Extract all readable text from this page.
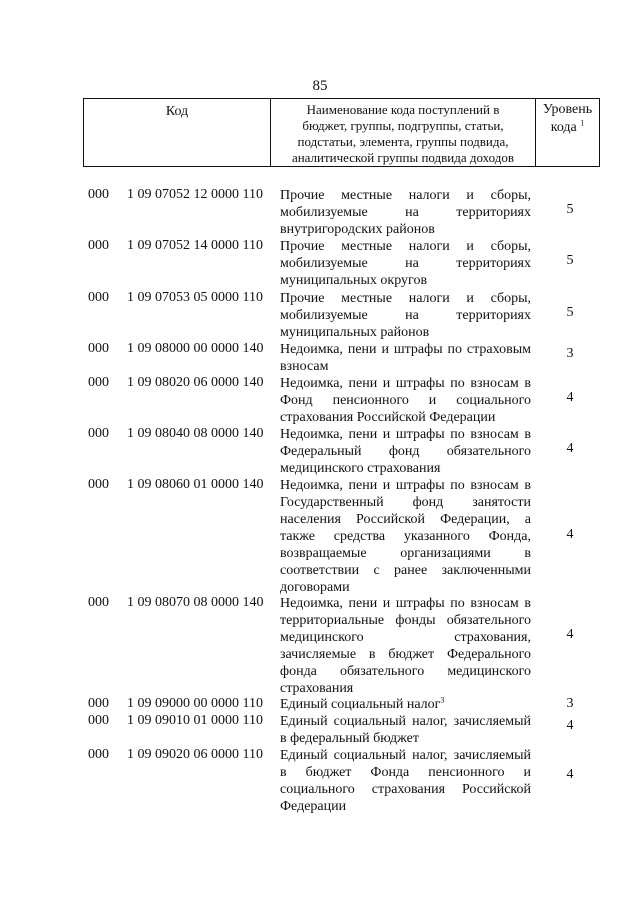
85
Код	Наименование кода поступлений в
бюджет, группы, подгруппы, статьи,
подстатьи, элемента, группы подвида,
аналитической группы подвида доходов
Уровень
кода $^1$
000 1 09 07052 12 0000 110 Прочие местные налоги и сборы,
мобилизуемые на территориях
внутригородских районов
5
000 1 09 07052 14 0000 110 Прочие местные налоги и сборы,
мобилизуемые на территориях
муниципальных округов
5
000 1 09 07053 05 0000 110 Прочие местные налоги и сборы,
мобилизуемые на территориях
муниципальных районов
5
000 1 09 08000 00 0000 140 Недоимка, пени и штрафы по страховым
взносам
3
000 1 09 08020 06 0000 140 Недоимка, пени и штрафы по взносам в
Фонд пенсионного и социального
страхования Российской Федерации
4
000 1 09 08040 08 0000 140 Недоимка, пени и штрафы по взносам в
Федеральный фонд обязательного
медицинского страхования
4
000 1 09 08060 01 0000 140 Недоимка, пени и штрафы по взносам в
Государственный фонд занятости
населения Российской Федерации, а
также средства указанного Фонда,
возвращаемые организациями в
соответствии с ранее заключенными
договорами
4
000 1 09 08070 08 0000 140 Недоимка, пени и штрафы по взносам в
территориальные фонды обязательного
медицинского страхования,
зачисляемые в бюджет Федерального
фонда обязательного медицинского
страхования
4
000 1 09 09000 00 0000 110 Единый социальный налог$^3$	3
000 1 09 09010 01 0000 110 Единый социальный налог, зачисляемый
в федеральный бюджет
4
000 1 09 09020 06 0000 110 Единый социальный налог, зачисляемый
в бюджет Фонда пенсионного и
социального страхования Российской
Федерации
4
